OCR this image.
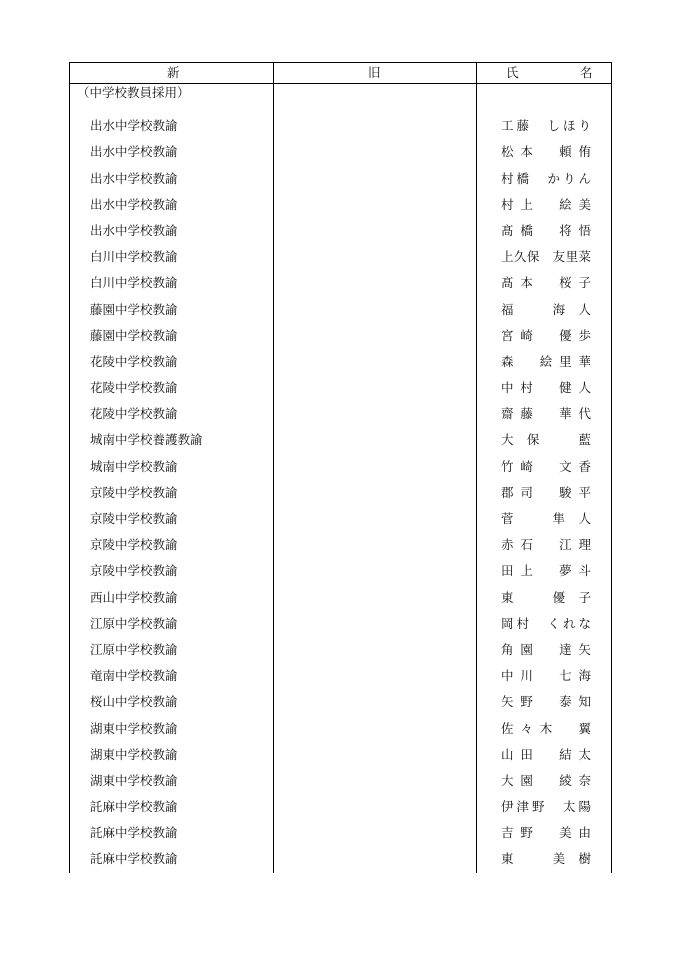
新	旧	氏	名
（中学校教員採用）
出水中学校教諭	工藤　しほり
出水中学校教諭	松本　頼侑
出水中学校教諭	村橋　かりん
出水中学校教諭	村上　絵美
出水中学校教諭	髙橋　将悟
白川中学校教諭	上久保　友里菜
白川中学校教諭	髙本　桜子
藤園中学校教諭	福　海人
藤園中学校教諭	宮崎　優歩
花陵中学校教諭	森　絵里華
花陵中学校教諭	中村　健人
花陵中学校教諭	齋藤　華代
城南中学校養護教諭	大保　藍
城南中学校教諭	竹崎　文香
京陵中学校教諭	郡司　駿平
京陵中学校教諭	菅　隼人
京陵中学校教諭	赤石　江理
京陵中学校教諭	田上　夢斗
西山中学校教諭	東　優子
江原中学校教諭	岡村　くれな
江原中学校教諭	角園　達矢
竜南中学校教諭	中川　七海
桜山中学校教諭	矢野　泰知
湖東中学校教諭	佐々木　翼
湖東中学校教諭	山田　結太
湖東中学校教諭	大園　綾奈
託麻中学校教諭	伊津野　太陽
託麻中学校教諭	吉野　美由
託麻中学校教諭	東　美樹
